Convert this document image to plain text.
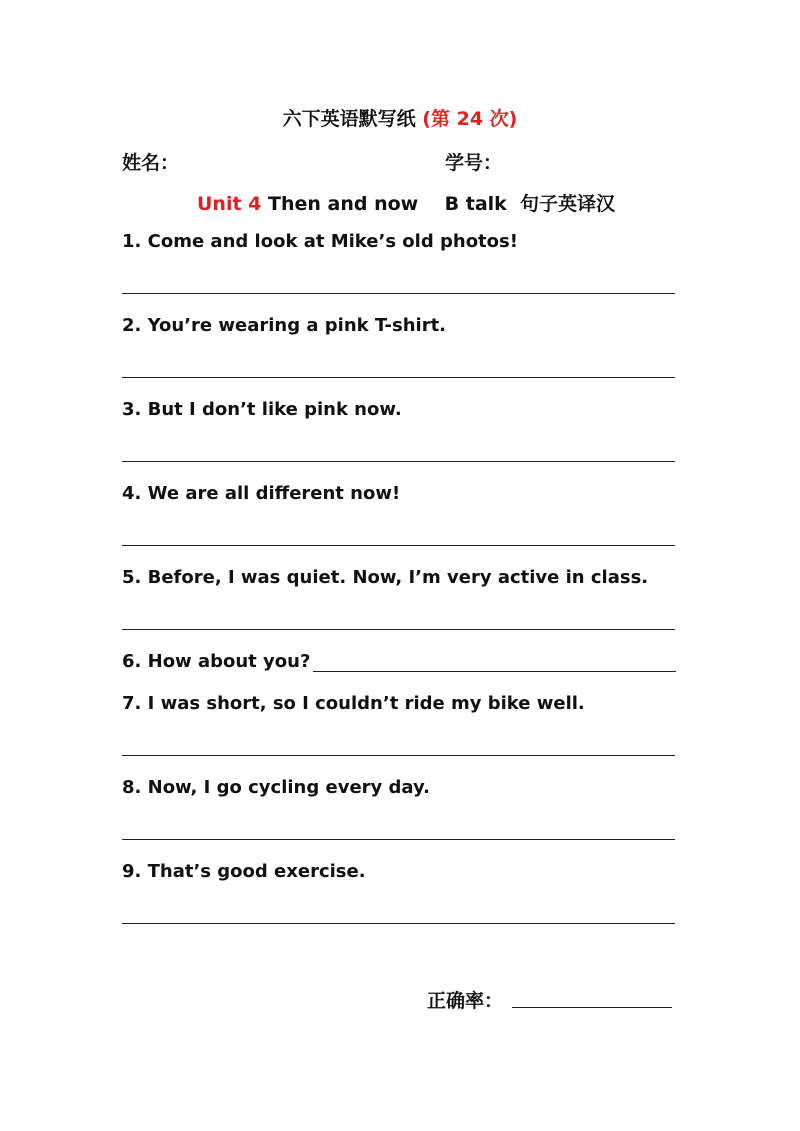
六下英语默写纸 (第 24 次)
姓名：	学号：
Unit 4 Then and now    B talk  句子英译汉
1. Come and look at Mike’s old photos!
2. You’re wearing a pink T-shirt.
3. But I don’t like pink now.
4. We are all different now!
5. Before, I was quiet. Now, I’m very active in class.
6. How about you?
7. I was short, so I couldn’t ride my bike well.
8. Now, I go cycling every day.
9. That’s good exercise.
正确率：
